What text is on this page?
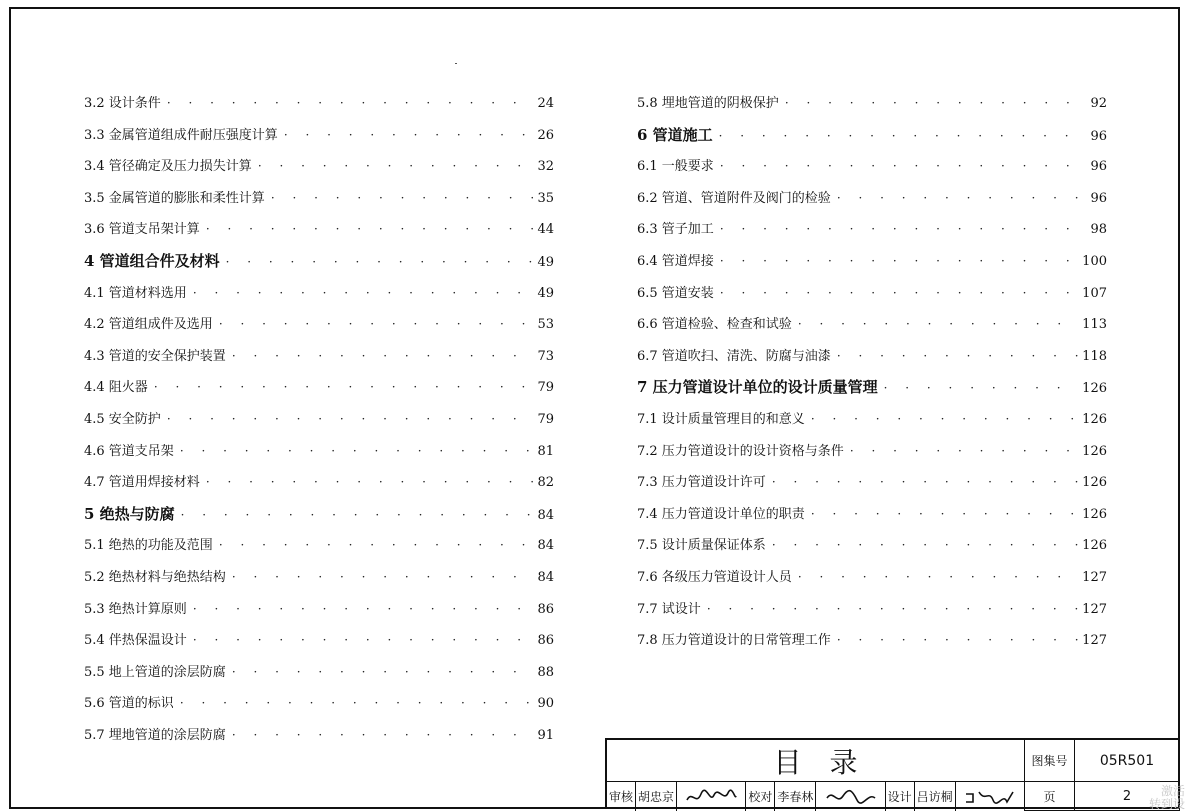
3.2 设计条件 · · ·	24
3.3 金属管道组成件耐压强度计算 · · ·	26
3.4 管径确定及压力损失计算 · · ·	32
3.5 金属管道的膨胀和柔性计算 · · ·	35
3.6 管道支吊架计算 · · ·	44
4 管道组合件及材料 · · ·	49
4.1 管道材料选用 · · ·	49
4.2 管道组成件及选用 · · ·	53
4.3 管道的安全保护装置 · · ·	73
4.4 阻火器 · · ·	79
4.5 安全防护 · · ·	79
4.6 管道支吊架 · · ·	81
4.7 管道用焊接材料 · · ·	82
5 绝热与防腐 · · ·	84
5.1 绝热的功能及范围 · · ·	84
5.2 绝热材料与绝热结构 · · ·	84
5.3 绝热计算原则 · · ·	86
5.4 伴热保温设计 · · ·	86
5.5 地上管道的涂层防腐 · · ·	88
5.6 管道的标识 · · ·	90
5.7 埋地管道的涂层防腐 · · ·	91
5.8 埋地管道的阴极保护 · · ·	92
6 管道施工 · · ·	96
6.1 一般要求 · · ·	96
6.2 管道、管道附件及阀门的检验 · · ·	96
6.3 管子加工 · · ·	98
6.4 管道焊接 · · ·	100
6.5 管道安装 · · ·	107
6.6 管道检验、检查和试验 · · ·	113
6.7 管道吹扫、清洗、防腐与油漆 · · ·	118
7 压力管道设计单位的设计质量管理 · · ·	126
7.1 设计质量管理目的和意义 · · ·	126
7.2 压力管道设计的设计资格与条件 · · ·	126
7.3 压力管道设计许可 · · ·	126
7.4 压力管道设计单位的职责 · · ·	126
7.5 设计质量保证体系 · · ·	126
7.6 各级压力管道设计人员 · · ·	127
7.7 试设计 · · ·	127
7.8 压力管道设计的日常管理工作 · · ·	127
目录	图集号	05R501
页	2
审核 胡忠京	校对 李春林	设计 吕访桐	激活
转到设
